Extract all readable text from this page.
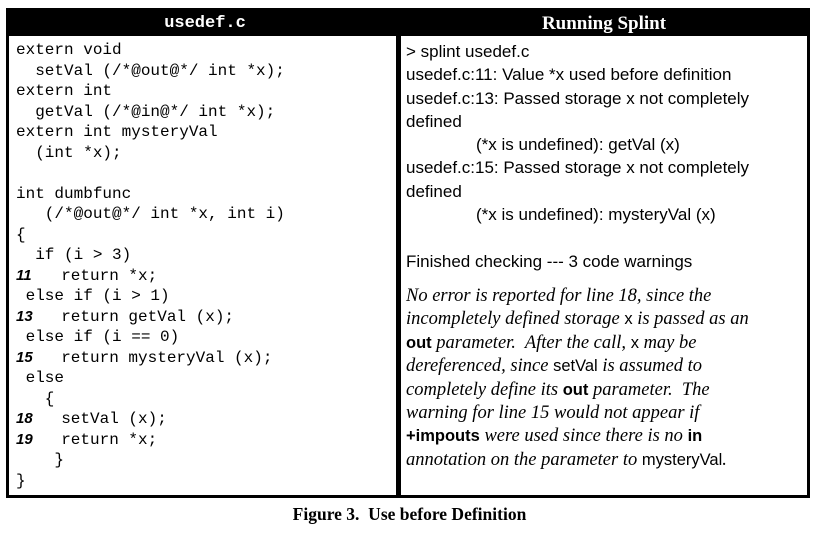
usedef.c	Running Splint
extern void
setVal (/*@out@*/ int *x);
extern int
getVal (/*@in@*/ int *x);
extern int mysteryVal
(int *x);
int dumbfunc
(/*@out@*/ int *x, int i)
{
if (i > 3)
11  return *x;
else if (i > 1)
13  return getVal (x);
else if (i == 0)
15  return mysteryVal (x);
else
{
18  setVal (x);
19  return *x;
}
}
> splint usedef.c
usedef.c:11: Value *x used before definition
usedef.c:13: Passed storage x not completely
defined
(*x is undefined): getVal (x)
usedef.c:15: Passed storage x not completely
defined
(*x is undefined): mysteryVal (x)
Finished checking --- 3 code warnings
No error is reported for line 18, since the
incompletely defined storage x is passed as an
out parameter.  After the call, x may be
dereferenced, since setVal is assumed to
completely define its out parameter.  The
warning for line 15 would not appear if
+impouts were used since there is no in
annotation on the parameter to mysteryVal.
Figure 3.  Use before Definition
